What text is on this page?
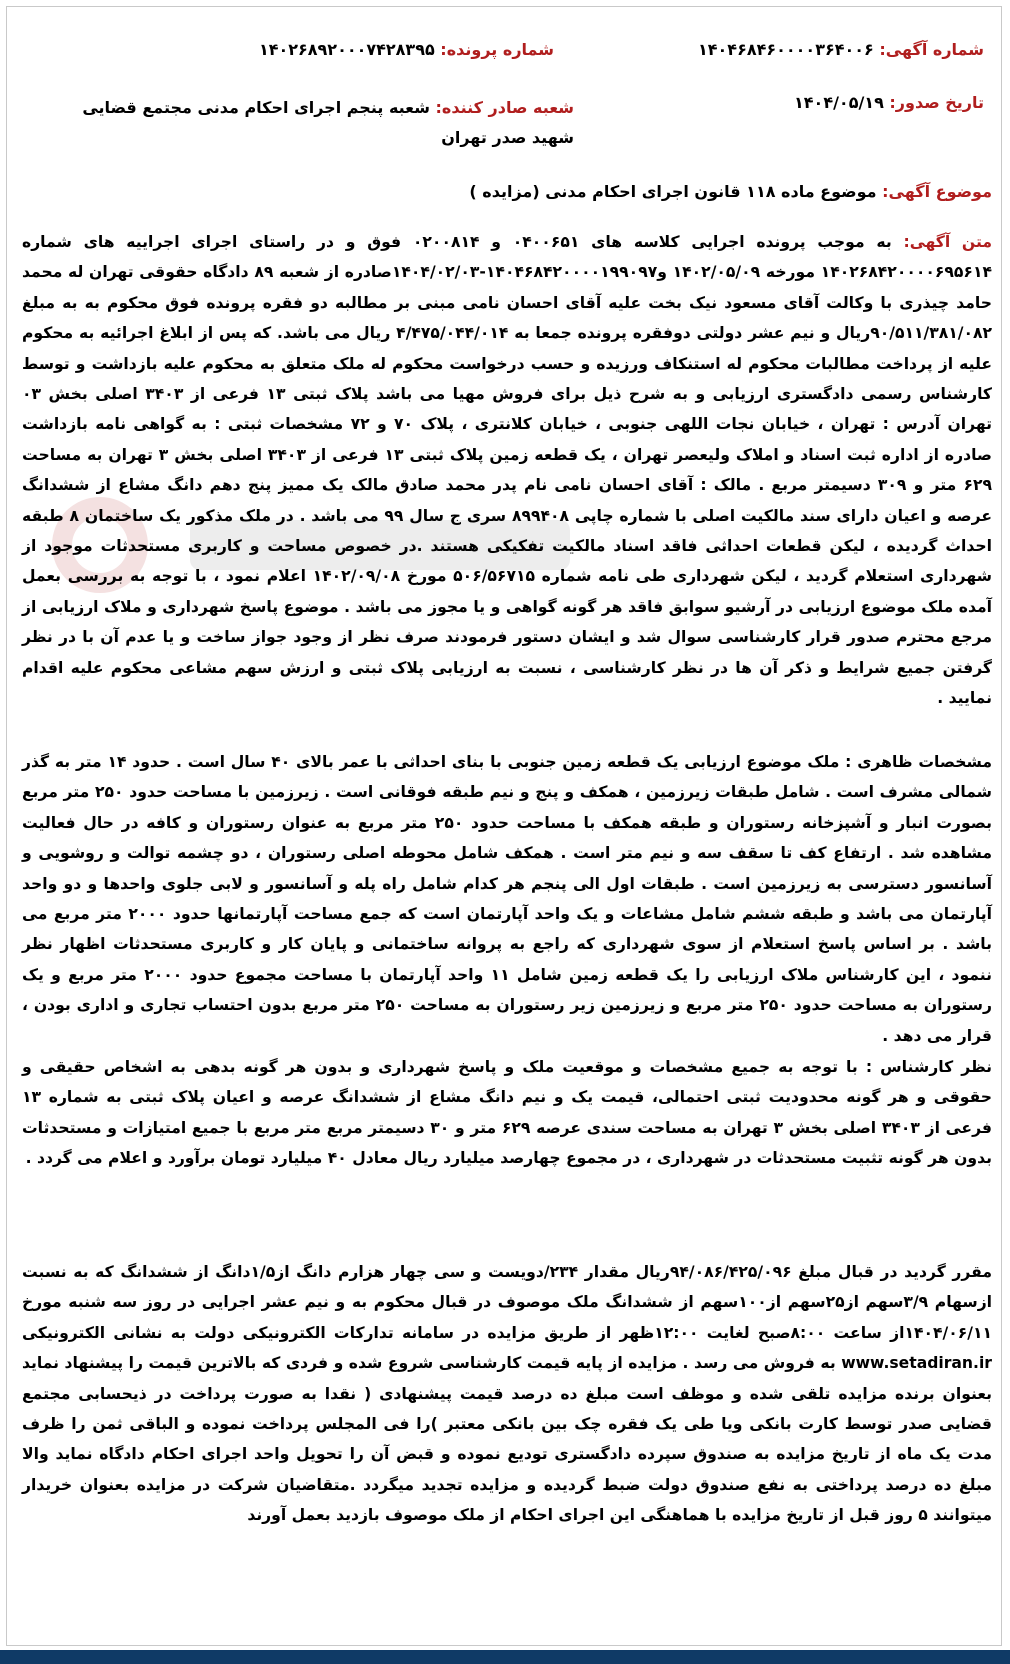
شماره آگهی: ۱۴۰۴۶۸۴۶۰۰۰۰۳۶۴۰۰۶
شماره پرونده: ۱۴۰۲۶۸۹۲۰۰۰۷۴۲۸۳۹۵
تاریخ صدور: ۱۴۰۴/۰۵/۱۹
شعبه صادر کننده: شعبه پنجم اجرای احکام مدنی مجتمع قضایی شهید صدر تهران
موضوع آگهی: موضوع ماده ۱۱۸ قانون اجرای احکام مدنی (مزایده )
متن آگهی: به موجب پرونده اجرایی کلاسه های ۰۴۰۰۶۵۱ و ۰۲۰۰۸۱۴ فوق و در راستای اجرای اجراییه های شماره ۱۴۰۲۶۸۴۲۰۰۰۰۶۹۵۶۱۴ مورخه ۱۴۰۲/۰۵/۰۹ و۱۴۰۴۶۸۴۲۰۰۰۰۱۹۹۰۹۷-۱۴۰۴/۰۲/۰۳صادره از شعبه ۸۹ دادگاه حقوقی تهران له محمد حامد چیذری با وکالت آقای مسعود نیک بخت علیه آقای احسان نامی مبنی بر مطالبه دو فقره پرونده فوق محکوم به به مبلغ ۹۰/۵۱۱/۳۸۱/۰۸۲ریال و نیم عشر دولتی دوفقره پرونده جمعا به ۴/۴۷۵/۰۴۴/۰۱۴ ریال می باشد. که پس از ابلاغ اجرائیه به محکوم علیه از پرداخت مطالبات محکوم له استنکاف ورزیده و حسب درخواست محکوم له ملک متعلق به محکوم علیه بازداشت و توسط کارشناس رسمی دادگستری ارزیابی و به شرح ذیل برای فروش مهیا می باشد پلاک ثبتی ۱۳ فرعی از ۳۴۰۳ اصلی بخش ۰۳ تهران آدرس : تهران ، خیابان نجات اللهی جنوبی ، خیابان کلانتری ، پلاک ۷۰ و ۷۲ مشخصات ثبتی : به گواهی نامه بازداشت صادره از اداره ثبت اسناد و املاک ولیعصر تهران ، یک قطعه زمین پلاک ثبتی ۱۳ فرعی از ۳۴۰۳ اصلی بخش ۳ تهران به مساحت ۶۲۹ متر و ۳۰۹ دسیمتر مربع . مالک : آقای احسان نامی نام پدر محمد صادق مالک یک ممیز پنج دهم دانگ مشاع از ششدانگ عرصه و اعیان دارای سند مالکیت اصلی با شماره چاپی ۸۹۹۴۰۸ سری ج سال ۹۹ می باشد . در ملک مذکور یک ساختمان ۸ طبقه احداث گردیده ، لیکن قطعات احداثی فاقد اسناد مالکیت تفکیکی هستند .در خصوص مساحت و کاربری مستحدثات موجود از شهرداری استعلام گردید ، لیکن شهرداری طی نامه شماره ۵۰۶/۵۶۷۱۵ مورخ ۱۴۰۲/۰۹/۰۸ اعلام نمود ، با توجه به بررسی بعمل آمده ملک موضوع ارزیابی در آرشیو سوابق فاقد هر گونه گواهی و یا مجوز می باشد . موضوع پاسخ شهرداری و ملاک ارزیابی از مرجع محترم صدور قرار کارشناسی سوال شد و ایشان دستور فرمودند صرف نظر از وجود جواز ساخت و یا عدم آن با در نظر گرفتن جمیع شرایط و ذکر آن ها در نظر کارشناسی ، نسبت به ارزیابی پلاک ثبتی و ارزش سهم مشاعی محکوم علیه اقدام نمایید .
مشخصات ظاهری : ملک موضوع ارزیابی یک قطعه زمین جنوبی با بنای احداثی با عمر بالای ۴۰ سال است . حدود ۱۴ متر به گذر شمالی مشرف است . شامل طبقات زیرزمین ، همکف و پنج و نیم طبقه فوقانی است . زیرزمین با مساحت حدود ۲۵۰ متر مربع بصورت انبار و آشپزخانه رستوران و طبقه همکف با مساحت حدود ۲۵۰ متر مربع به عنوان رستوران و کافه در حال فعالیت مشاهده شد . ارتفاع کف تا سقف سه و نیم متر است . همکف شامل محوطه اصلی رستوران ، دو چشمه توالت و روشویی و آسانسور دسترسی به زیرزمین است . طبقات اول الی پنجم هر کدام شامل راه پله و آسانسور و لابی جلوی واحدها و دو واحد آپارتمان می باشد و طبقه ششم شامل مشاعات و یک واحد آپارتمان است که جمع مساحت آپارتمانها حدود ۲۰۰۰ متر مربع می باشد . بر اساس پاسخ استعلام از سوی شهرداری که راجع به پروانه ساختمانی و پایان کار و کاربری مستحدثات اظهار نظر ننمود ، این کارشناس ملاک ارزیابی را یک قطعه زمین شامل ۱۱ واحد آپارتمان با مساحت مجموع حدود ۲۰۰۰ متر مربع و یک رستوران به مساحت حدود ۲۵۰ متر مربع و زیرزمین زیر رستوران به مساحت ۲۵۰ متر مربع بدون احتساب تجاری و اداری بودن ، قرار می دهد .
نظر کارشناس : با توجه به جمیع مشخصات و موقعیت ملک و پاسخ شهرداری و بدون هر گونه بدهی به اشخاص حقیقی و حقوقی و هر گونه محدودیت ثبتی احتمالی، قیمت یک و نیم دانگ مشاع از ششدانگ عرصه و اعیان پلاک ثبتی به شماره ۱۳ فرعی از ۳۴۰۳ اصلی بخش ۳ تهران به مساحت سندی عرصه ۶۲۹ متر و ۳۰ دسیمتر مربع متر مربع با جمیع امتیازات و مستحدثات بدون هر گونه تثبیت مستحدثات در شهرداری ، در مجموع چهارصد میلیارد ریال معادل ۴۰ میلیارد تومان برآورد و اعلام می گردد .
مقرر گردید در قبال مبلغ ۹۴/۰۸۶/۴۲۵/۰۹۶ریال مقدار ۲۳۴/دویست و سی چهار هزارم دانگ از۱/۵دانگ از ششدانگ که به نسبت ازسهام ۳/۹سهم از۲۵سهم از۱۰۰سهم از ششدانگ ملک موصوف در قبال محکوم به و نیم عشر اجرایی در روز سه شنبه مورخ ۱۴۰۴/۰۶/۱۱از ساعت ۸:۰۰صبح لغایت ۱۲:۰۰ظهر از طریق مزایده در سامانه تدارکات الکترونیکی دولت به نشانی الکترونیکی www.setadiran.ir به فروش می رسد . مزایده از پایه قیمت کارشناسی شروع شده و فردی که بالاترین قیمت را پیشنهاد نماید بعنوان برنده مزایده تلقی شده و موظف است مبلغ ده درصد قیمت پیشنهادی ( نقدا به صورت پرداخت در ذیحسابی مجتمع قضایی صدر توسط کارت بانکی ویا طی یک فقره چک بین بانکی معتبر )را فی المجلس پرداخت نموده و الباقی ثمن را ظرف مدت یک ماه از تاریخ مزایده به صندوق سپرده دادگستری تودیع نموده و قبض آن را تحویل واحد اجرای احکام دادگاه نماید والا مبلغ ده درصد پرداختی به نفع صندوق دولت ضبط گردیده و مزایده تجدید میگردد .متقاضیان شرکت در مزایده بعنوان خریدار میتوانند ۵ روز قبل از تاریخ مزایده با هماهنگی این اجرای احکام از ملک موصوف بازدید بعمل آورند
